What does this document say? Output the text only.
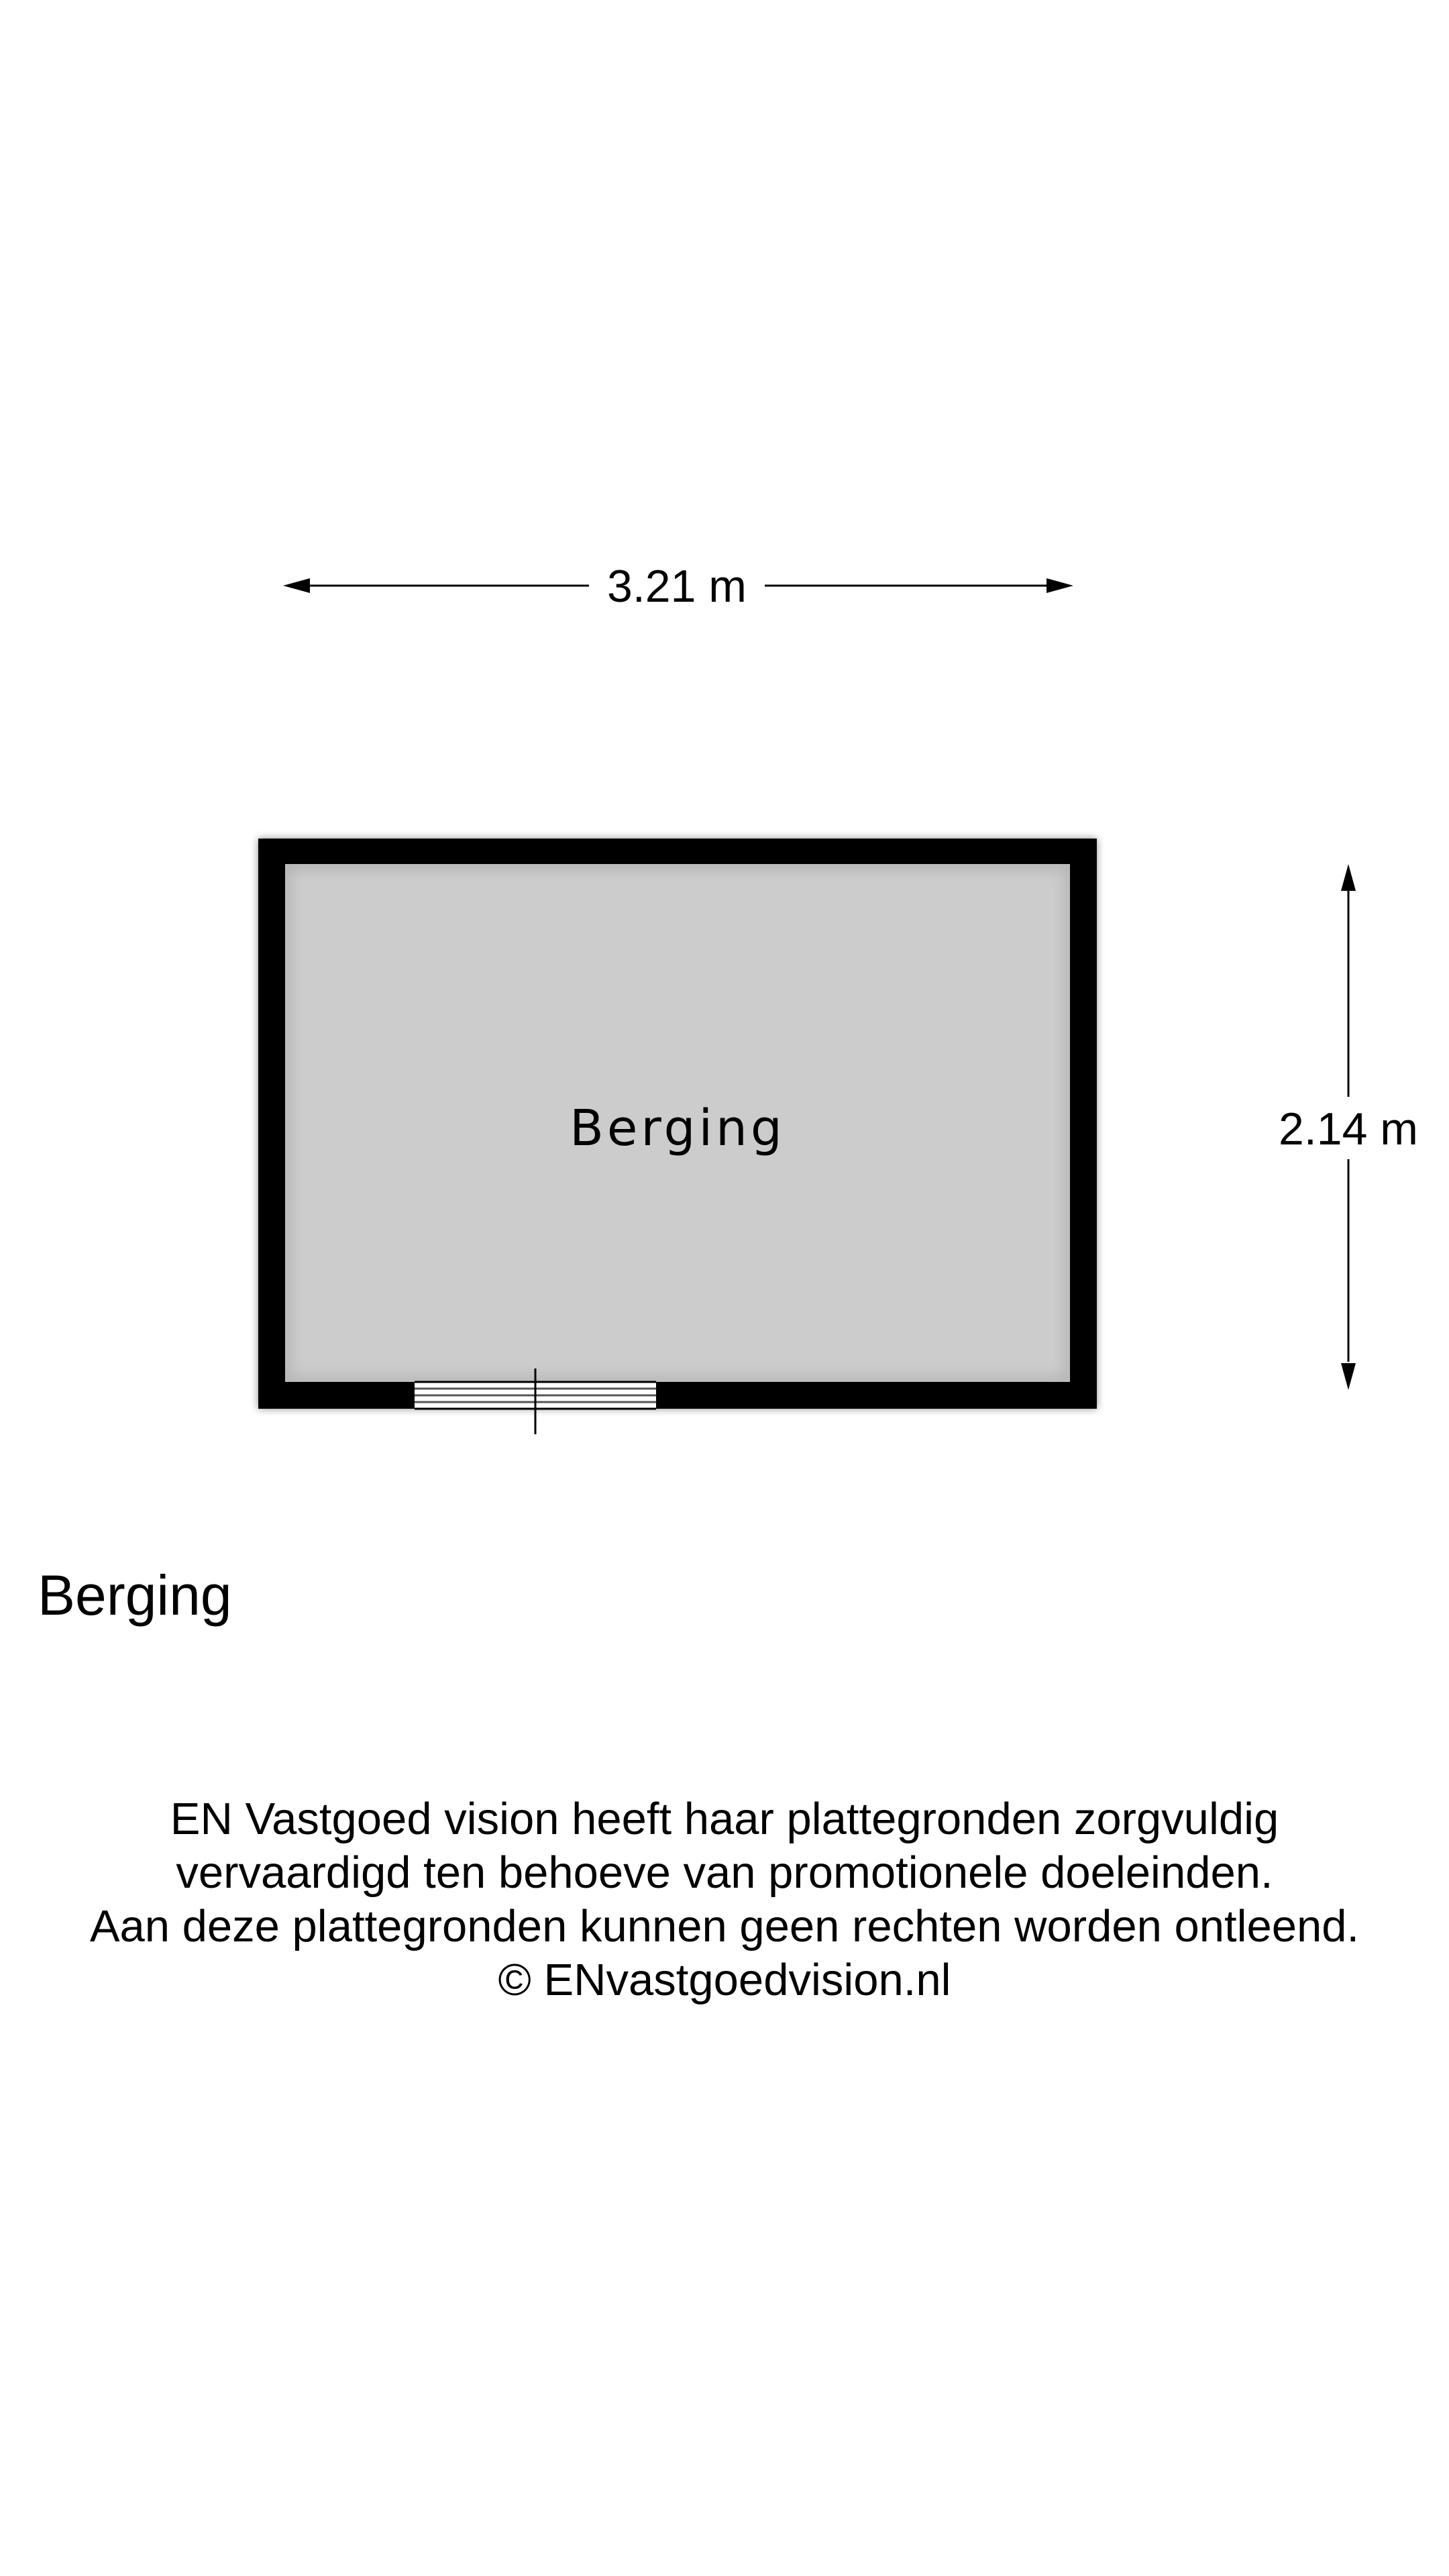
3.21 m
Berging	2.14 m
Berging
EN Vastgoed vision heeft haar plattegronden zorgvuldig
vervaardigd ten behoeve van promotionele doeleinden.
Aan deze plattegronden kunnen geen rechten worden ontleend.
© ENvastgoedvision.nl
